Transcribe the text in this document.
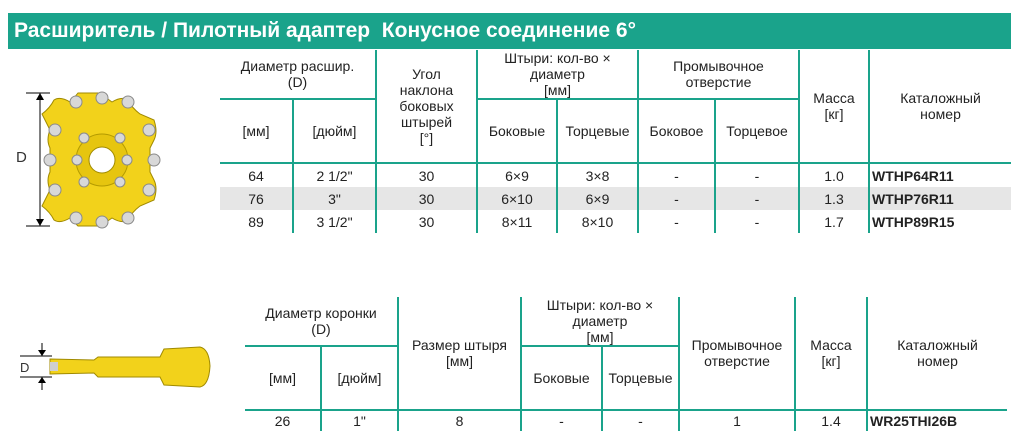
Расширитель / Пилотный адаптер  Конусное соединение 6°
D
D
Диаметр расшир.
(D)		Угол
наклона
боковых
штырей
[°]	Штыри: кол-во × диаметр
[мм]		Промывочное
отверстие		Масса
[кг]	Каталожный
номер
[мм]	[дюйм]		Боковые	Торцевые	Боковое	Торцевое		
64	2 1/2"	30	6×9	3×8	-	-	1.0	WTHP64R11
76	3"	30	6×10	6×9	-	-	1.3	WTHP76R11
89	3 1/2"	30	8×11	8×10	-	-	1.7	WTHP89R15
Диаметр коронки
(D)		Размер штыря
[мм]	Штыри: кол-во × диаметр
[мм]		Промывочное
отверстие	Масса
[кг]	Каталожный
номер
[мм]	[дюйм]		Боковые	Торцевые			
26	1"	8	-	-	1	1.4	WR25THI26B
